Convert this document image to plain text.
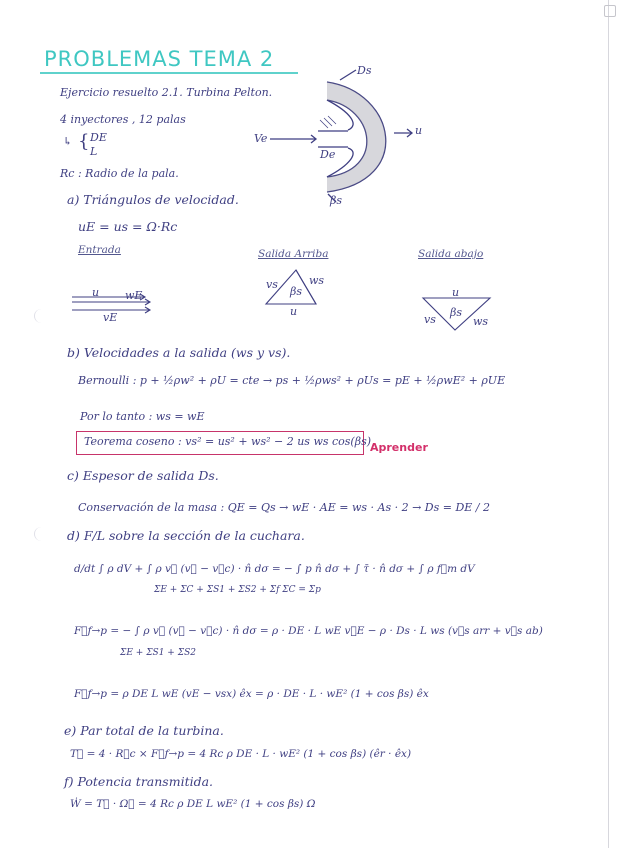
PROBLEMAS TEMA 2
Ejercicio resuelto 2.1. Turbina Pelton.
4 inyectores , 12 palas
↳ { DE
L
Rc : Radio de la pala.
Ds
Ve
De
u
βs
a) Triángulos de velocidad.
uE = us = Ω·Rc
Entrada	Salida Arriba	Salida abajo
u wE
vE
vs	ws
βs
u
u
vs	ws
βs
b) Velocidades a la salida (ws y vs).
Bernoulli : p + ½ρw² + ρU = cte → ps + ½ρws² + ρUs = pE + ½ρwE² + ρUE
Por lo tanto : ws = wE
Teorema coseno : vs² = us² + ws² − 2 us ws cos(βs)
Aprender
c) Espesor de salida Ds.
Conservación de la masa : QE = Qs → wE · AE = ws · As · 2 → Ds = DE / 2
d) F/L sobre la sección de la cuchara.
d/dt ∫ ρ dV + ∫ ρ v⃗ (v⃗ − v⃗c) · n̂ dσ = − ∫ p n̂ dσ + ∫ τ̄ · n̂ dσ + ∫ ρ f⃗m dV
ΣE + ΣC + ΣS1 + ΣS2 + Σf ΣC = Σp
F⃗f→p = − ∫ ρ v⃗ (v⃗ − v⃗c) · n̂ dσ = ρ · DE · L wE v⃗E − ρ · Ds · L ws (v⃗s arr + v⃗s ab)
ΣE + ΣS1 + ΣS2
F⃗f→p = ρ DE L wE (vE − vsx) êx = ρ · DE · L · wE² (1 + cos βs) êx
e) Par total de la turbina.
T⃗ = 4 · R⃗c × F⃗f→p = 4 Rc ρ DE · L · wE² (1 + cos βs) (êr · êx)
f) Potencia transmitida.
Ẇ = T⃗ · Ω⃗ = 4 Rc ρ DE L wE² (1 + cos βs) Ω
